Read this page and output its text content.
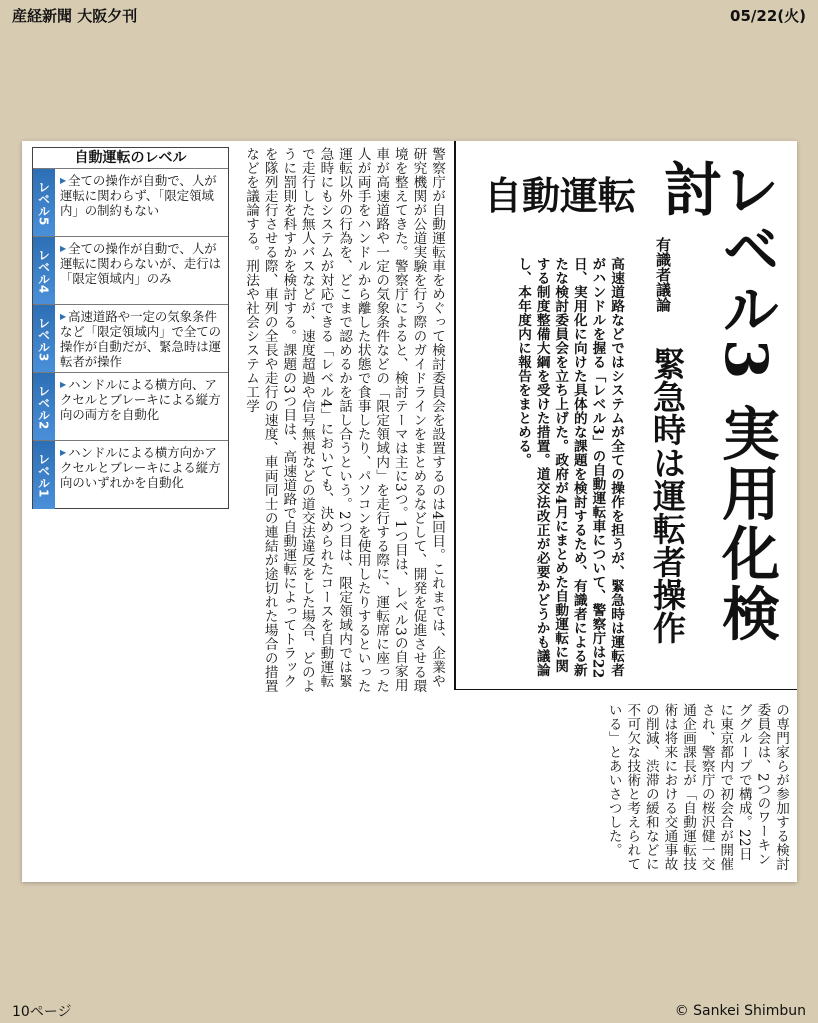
産経新聞 大阪夕刊	05/22(火)
レベル3 実用化検討
有識者議論
緊急時は運転者操作
自動運転
高速道路などではシステムが全ての操作を担うが、緊急時は運転者がハンドルを握る「レベル3」の自動運転車について、警察庁は22日、実用化に向けた具体的な課題を検討するため、有識者による新たな検討委員会を立ち上げた。政府が4月にまとめた自動運転に関する制度整備大綱を受けた措置。道交法改正が必要かどうかも議論し、本年度内に報告をまとめる。
の専門家らが参加する検討委員会は、2つのワーキンググループで構成。22日に東京都内で初会合が開催され、警察庁の桜沢健一交通企画課長が「自動運転技術は将来における交通事故の削減、渋滞の緩和などに不可欠な技術と考えられている」とあいさつした。
警察庁が自動運転車をめぐって検討委員会を設置するのは4回目。これまでは、企業や研究機関が公道実験を行う際のガイドラインをまとめるなどして、開発を促進させる環境を整えてきた。警察庁によると、検討テーマは主に3つ。1つ目は、レベル3の自家用車が高速道路や一定の気象条件などの「限定領域内」を走行する際に、運転席に座った人が両手をハンドルから離した状態で食事したり、パソコンを使用したりするといった運転以外の行為を、どこまで認めるかを話し合うという。2つ目は、限定領域内では緊急時にもシステムが対応できる「レベル4」においても、決められたコースを自動運転で走行した無人バスなどが、速度超過や信号無視などの道交法違反をした場合、どのように罰則を科すかを検討する。課題の3つ目は、高速道路で自動運転によってトラックを隊列走行させる際、車列の全長や走行の速度、車両同士の連結が途切れた場合の措置などを議論する。刑法や社会システム工学
自動運転のレベル
レベル5
▶ 全ての操作が自動で、人が運転に関わらず、「限定領域内」の制約もない
レベル4
▶ 全ての操作が自動で、人が運転に関わらないが、走行は「限定領域内」のみ
レベル3
▶ 高速道路や一定の気象条件など「限定領域内」で全ての操作が自動だが、緊急時は運転者が操作
レベル2
▶ ハンドルによる横方向、アクセルとブレーキによる縦方向の両方を自動化
レベル1
▶ ハンドルによる横方向かアクセルとブレーキによる縦方向のいずれかを自動化
10ページ	© Sankei Shimbun
